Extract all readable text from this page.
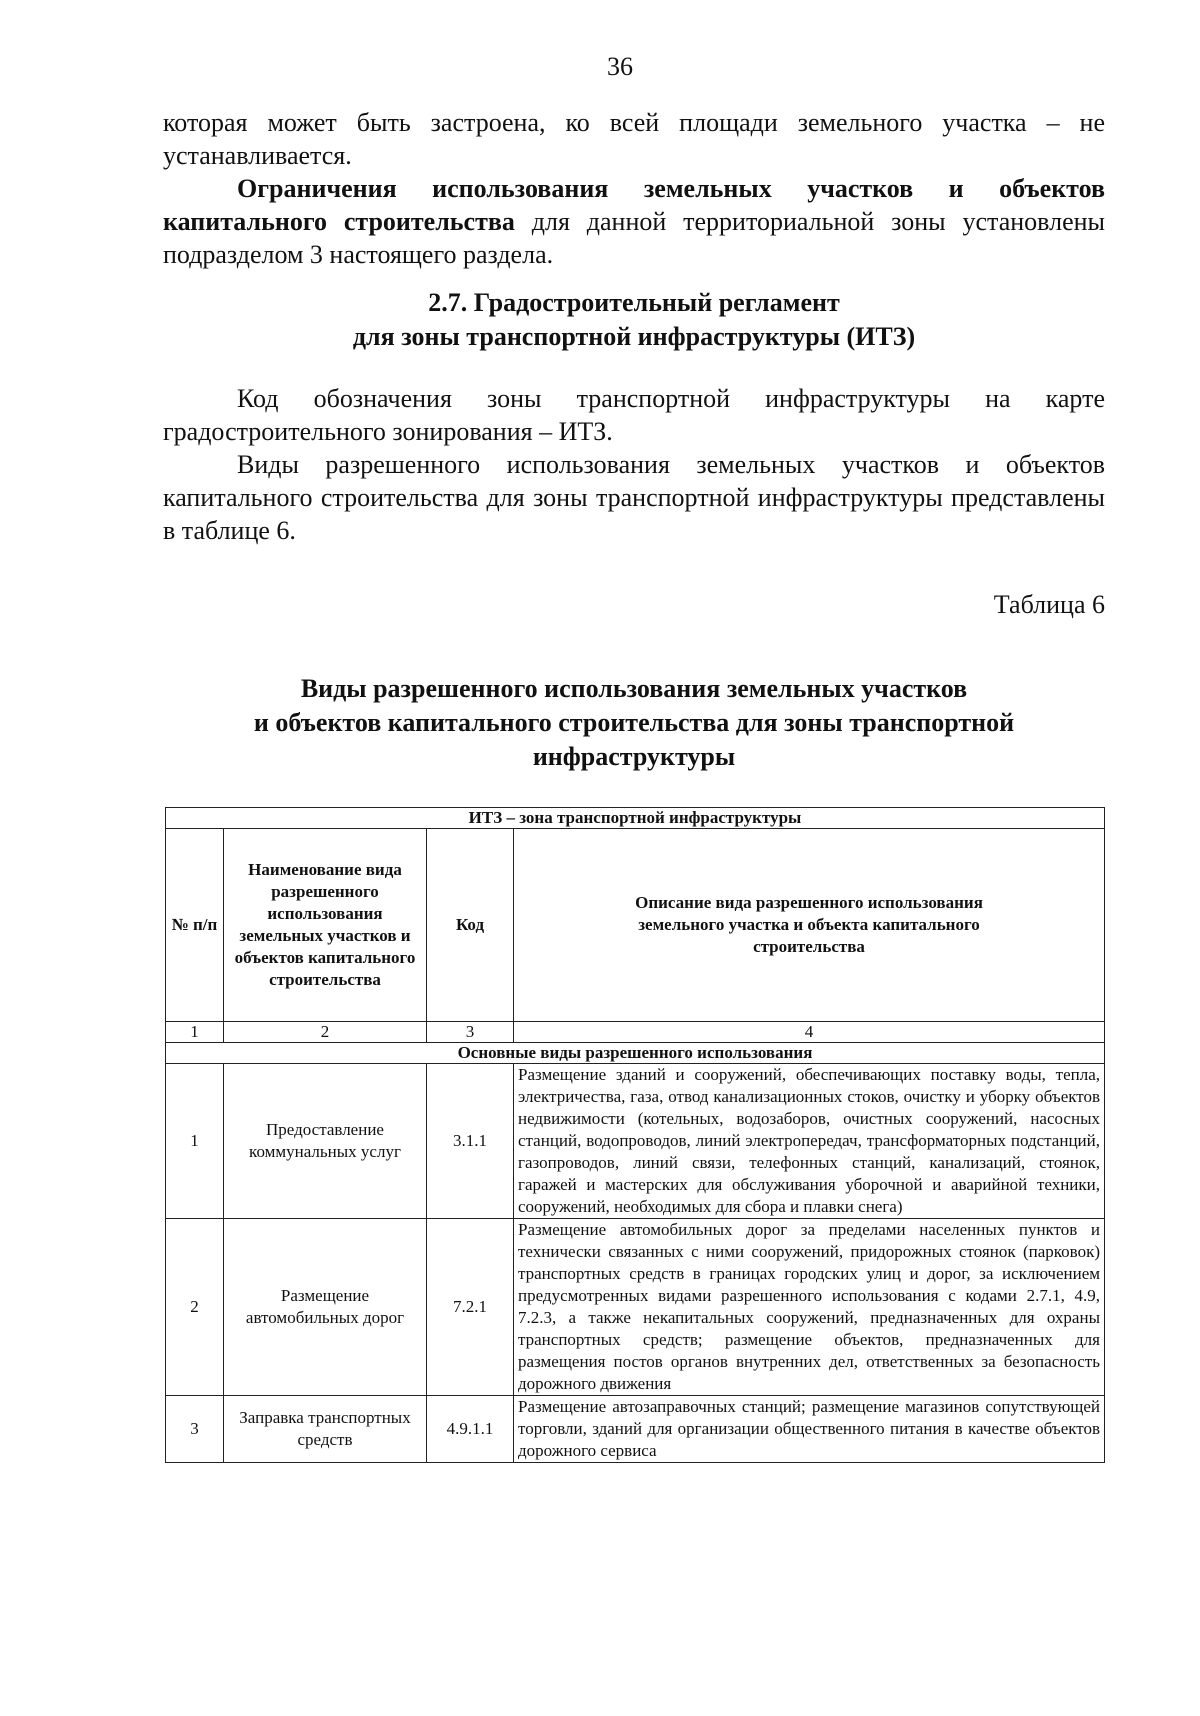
36

которая может быть застроена, ко всей площади земельного участка – не устанавливается.

Ограничения использования земельных участков и объектов капитального строительства для данной территориальной зоны установлены подразделом 3 настоящего раздела.

2.7. Градостроительный регламент
для зоны транспортной инфраструктуры (ИТЗ)

Код обозначения зоны транспортной инфраструктуры на карте градостроительного зонирования – ИТЗ.

Виды разрешенного использования земельных участков и объектов капитального строительства для зоны транспортной инфраструктуры представлены в таблице 6.

Таблица 6
Виды разрешенного использования земельных участков
и объектов капитального строительства для зоны транспортной
инфраструктуры
ИТЗ – зона транспортной инфраструктуры			
№ п/п	Наименование вида разрешенного использования земельных участков и объектов капитального строительства	Код	Описание вида разрешенного использования земельного участка и объекта капитального строительства
1	2	3	4
Основные виды разрешенного использования			
1	Предоставление коммунальных услуг	3.1.1	Размещение зданий и сооружений, обеспечивающих поставку воды, тепла, электричества, газа, отвод канализационных стоков, очистку и уборку объектов недвижимости (котельных, водозаборов, очистных сооружений, насосных станций, водопроводов, линий электропередач, трансформаторных подстанций, газопроводов, линий связи, телефонных станций, канализаций, стоянок, гаражей и мастерских для обслуживания уборочной и аварийной техники, сооружений, необходимых для сбора и плавки снега)
2	Размещение автомобильных дорог	7.2.1	Размещение автомобильных дорог за пределами населенных пунктов и технически связанных с ними сооружений, придорожных стоянок (парковок) транспортных средств в границах городских улиц и дорог, за исключением предусмотренных видами разрешенного использования с кодами 2.7.1, 4.9, 7.2.3, а также некапитальных сооружений, предназначенных для охраны транспортных средств; размещение объектов, предназначенных для размещения постов органов внутренних дел, ответственных за безопасность дорожного движения
3	Заправка транспортных средств	4.9.1.1	Размещение автозаправочных станций; размещение магазинов сопутствующей торговли, зданий для организации общественного питания в качестве объектов дорожного сервиса
